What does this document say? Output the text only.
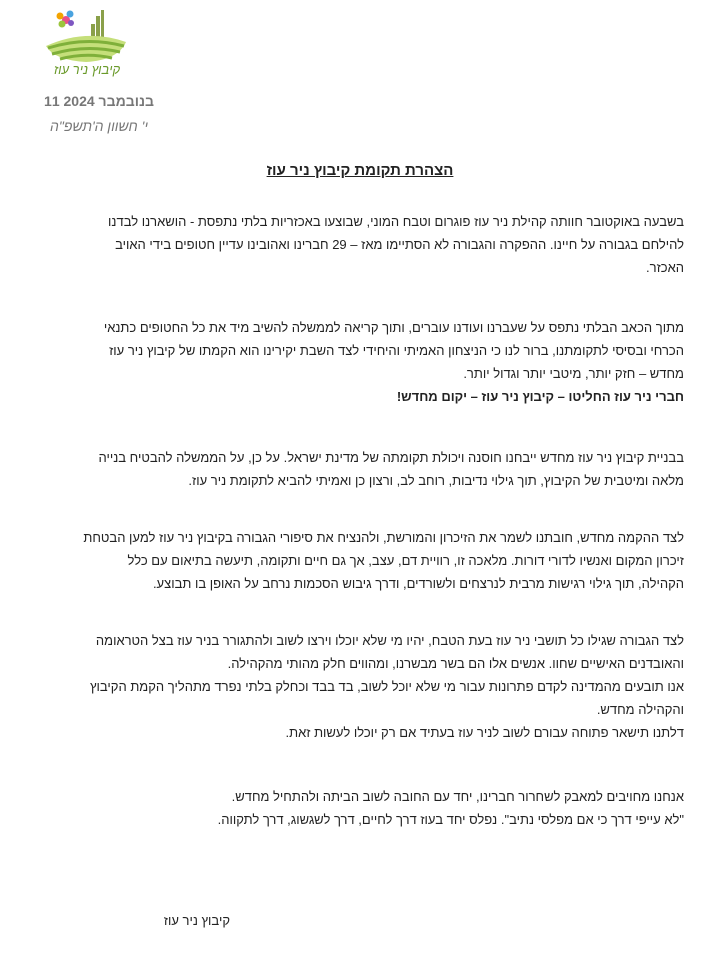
קיבוץ ניר עוז
11 בנובמבר 2024
י' חשוון ה'תשפ"ה
הצהרת תקומת קיבוץ ניר עוז
בשבעה באוקטובר חוותה קהילת ניר עוז פוגרום וטבח המוני, שבוצעו באכזריות בלתי נתפסת - הושארנו לבדנו
להילחם בגבורה על חיינו. ההפקרה והגבורה לא הסתיימו מאז – 29 חברינו ואהובינו עדיין חטופים בידי האויב
האכזר.
מתוך הכאב הבלתי נתפס על שעברנו ועודנו עוברים, ותוך קריאה לממשלה להשיב מיד את כל החטופים כתנאי
הכרחי ובסיסי לתקומתנו, ברור לנו כי הניצחון האמיתי והיחידי לצד השבת יקירינו הוא הקמתו של קיבוץ ניר עוז
מחדש – חזק יותר, מיטבי יותר וגדול יותר.
חברי ניר עוז החליטו – קיבוץ ניר עוז – יקום מחדש!
בבניית קיבוץ ניר עוז מחדש ייבחנו חוסנה ויכולת תקומתה של מדינת ישראל. על כן, על הממשלה להבטיח בנייה
מלאה ומיטבית של הקיבוץ, תוך גילוי נדיבות, רוחב לב, ורצון כן ואמיתי להביא לתקומת ניר עוז.
לצד ההקמה מחדש, חובתנו לשמר את הזיכרון והמורשת, ולהנציח את סיפורי הגבורה בקיבוץ ניר עוז למען הבטחת
זיכרון המקום ואנשיו לדורי דורות. מלאכה זו, רוויית דם, עצב, אך גם חיים ותקומה, תיעשה בתיאום עם כלל
הקהילה, תוך גילוי רגישות מרבית לנרצחים ולשורדים, ודרך גיבוש הסכמות נרחב על האופן בו תבוצע.
לצד הגבורה שגילו כל תושבי ניר עוז בעת הטבח, יהיו מי שלא יוכלו וירצו לשוב ולהתגורר בניר עוז בצל הטראומה
והאובדנים האישיים שחוו. אנשים אלו הם בשר מבשרנו, ומהווים חלק מהותי מהקהילה.
אנו תובעים מהמדינה לקדם פתרונות עבור מי שלא יוכל לשוב, בד בבד וכחלק בלתי נפרד מתהליך הקמת הקיבוץ
והקהילה מחדש.
דלתנו תישאר פתוחה עבורם לשוב לניר עוז בעתיד אם רק יוכלו לעשות זאת.
אנחנו מחויבים למאבק לשחרור חברינו, יחד עם החובה לשוב הביתה ולהתחיל מחדש.
"לא עייפי דרך כי אם מפלסי נתיב". נפלס יחד בעוז דרך לחיים, דרך לשגשוג, דרך לתקווה.
קיבוץ ניר עוז
